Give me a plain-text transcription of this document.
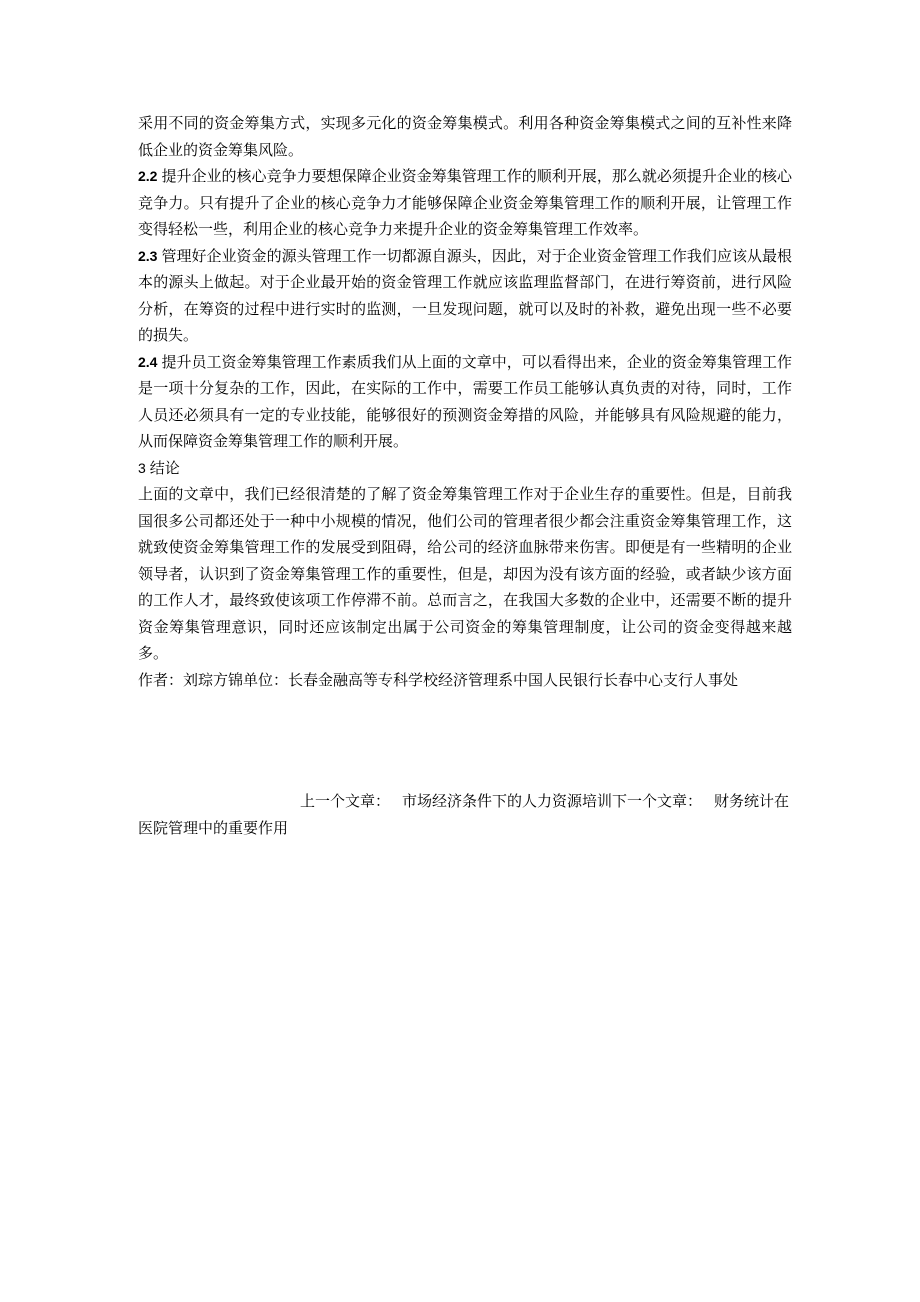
采用不同的资金筹集方式，实现多元化的资金筹集模式。利用各种资金筹集模式之间的互补性来降低企业的资金筹集风险。

2.2 提升企业的核心竞争力要想保障企业资金筹集管理工作的顺利开展，那么就必须提升企业的核心竞争力。只有提升了企业的核心竞争力才能够保障企业资金筹集管理工作的顺利开展，让管理工作变得轻松一些，利用企业的核心竞争力来提升企业的资金筹集管理工作效率。

2.3 管理好企业资金的源头管理工作一切都源自源头，因此，对于企业资金管理工作我们应该从最根本的源头上做起。对于企业最开始的资金管理工作就应该监理监督部门，在进行筹资前，进行风险分析，在筹资的过程中进行实时的监测，一旦发现问题，就可以及时的补救，避免出现一些不必要的损失。

2.4 提升员工资金筹集管理工作素质我们从上面的文章中，可以看得出来，企业的资金筹集管理工作是一项十分复杂的工作，因此，在实际的工作中，需要工作员工能够认真负责的对待，同时，工作人员还必须具有一定的专业技能，能够很好的预测资金筹措的风险，并能够具有风险规避的能力，从而保障资金筹集管理工作的顺利开展。

3 结论

上面的文章中，我们已经很清楚的了解了资金筹集管理工作对于企业生存的重要性。但是，目前我国很多公司都还处于一种中小规模的情况，他们公司的管理者很少都会注重资金筹集管理工作，这就致使资金筹集管理工作的发展受到阻碍，给公司的经济血脉带来伤害。即便是有一些精明的企业领导者，认识到了资金筹集管理工作的重要性，但是，却因为没有该方面的经验，或者缺少该方面的工作人才，最终致使该项工作停滞不前。总而言之，在我国大多数的企业中，还需要不断的提升资金筹集管理意识，同时还应该制定出属于公司资金的筹集管理制度，让公司的资金变得越来越多。

作者：刘琮方锦单位：长春金融高等专科学校经济管理系中国人民银行长春中心支行人事处

上一个文章： 市场经济条件下的人力资源培训下一个文章： 财务统计在医院管理中的重要作用
